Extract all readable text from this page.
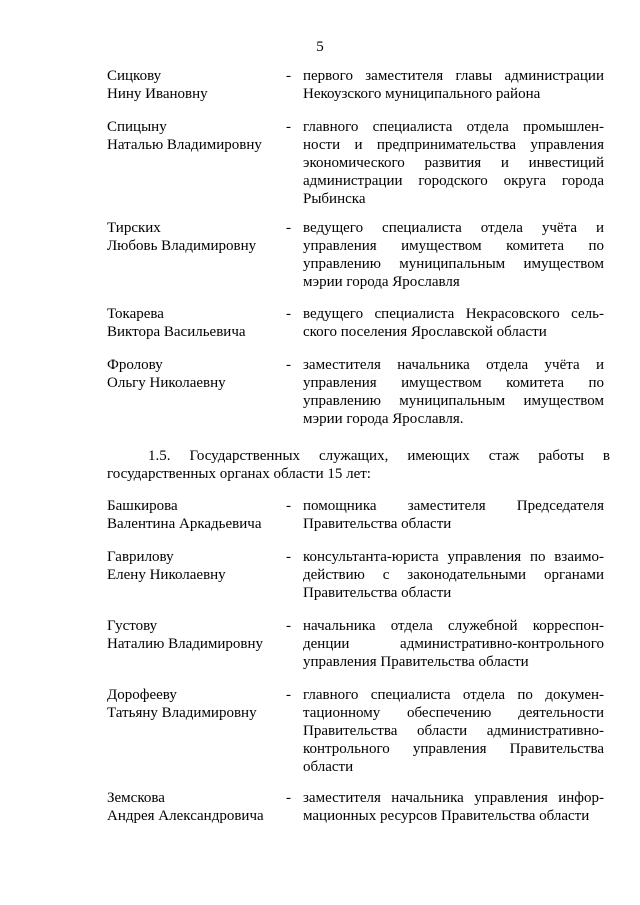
5
Сицкову
Нину Ивановну
- первого заместителя главы администрации
Некоузского муниципального района
Спицыну
Наталью Владимировну
- главного специалиста отдела промышлен-
ности и предпринимательства управления
экономического развития и инвестиций
администрации городского округа города
Рыбинска
Тирских
Любовь Владимировну
- ведущего специалиста отдела учёта и
управления имуществом комитета по
управлению муниципальным имуществом
мэрии города Ярославля
Токарева
Виктора Васильевича
- ведущего специалиста Некрасовского сель-
ского поселения Ярославской области
Фролову
Ольгу Николаевну
- заместителя начальника отдела учёта и
управления имуществом комитета по
управлению муниципальным имуществом
мэрии города Ярославля.
1.5. Государственных служащих, имеющих стаж работы в
государственных органах области 15 лет:
Башкирова
Валентина Аркадьевича
- помощника заместителя Председателя
Правительства области
Гаврилову
Елену Николаевну
- консультанта-юриста управления по взаимо-
действию с законодательными органами
Правительства области
Густову
Наталию Владимировну
- начальника отдела служебной корреспон-
денции административно-контрольного
управления Правительства области
Дорофееву
Татьяну Владимировну
- главного специалиста отдела по докумен-
тационному обеспечению деятельности
Правительства области административно-
контрольного управления Правительства
области
Земскова
Андрея Александровича
- заместителя начальника управления инфор-
мационных ресурсов Правительства области
